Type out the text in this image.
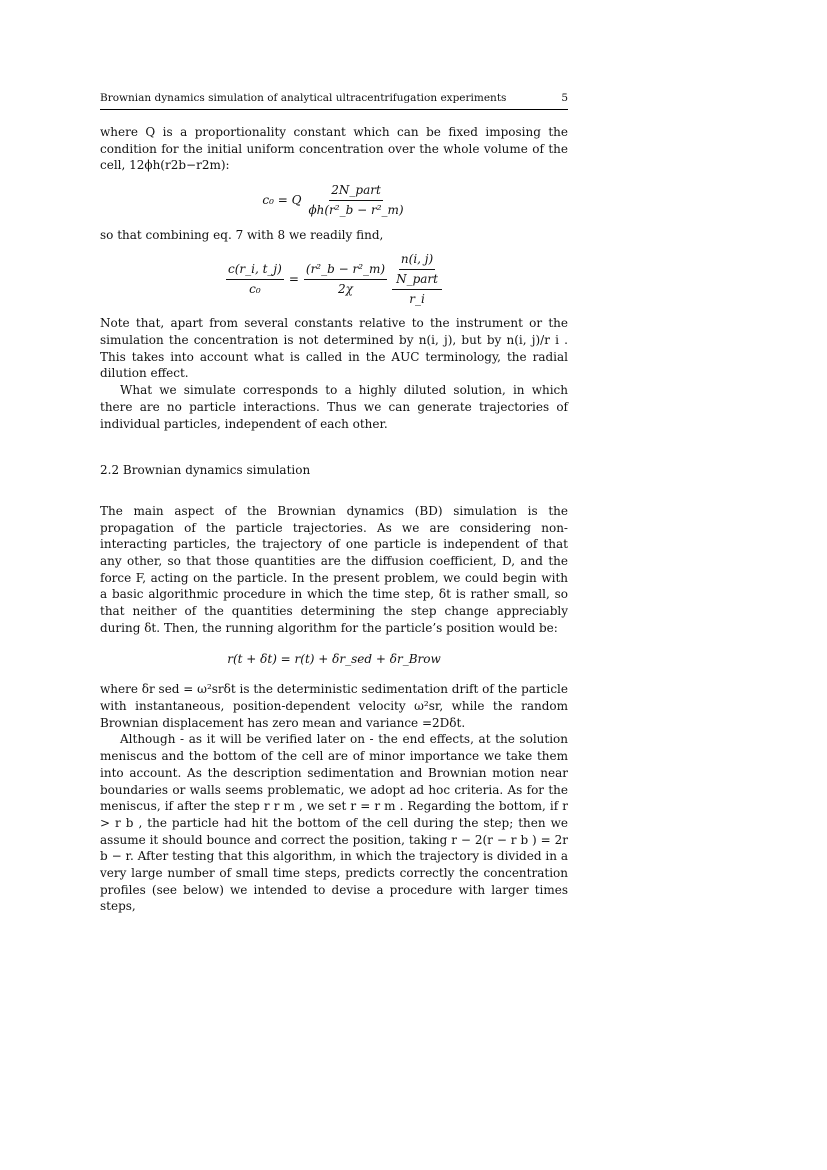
Brownian dynamics simulation of analytical ultracentrifugation experiments	5

where Q is a proportionality constant which can be fixed imposing the condition for the initial uniform concentration over the whole volume of the cell, 12ϕh(r2b−r2m):

c₀ = Q $\frac{\text{2N\_part}}{\text{ϕh(r²\_b − r²\_m)}}$

so that combining eq. 7 with 8 we readily find,

$\frac{c(r\_i, t\_j)}{\text{c₀}} = \frac{\text{(r²\_b − r²\_m)}}{2\chi} n(i$, j)
N_part
r_i

Note that, apart from several constants relative to the instrument or the simulation the concentration is not determined by n(i, j), but by n(i, j)/r i . This takes into account what is called in the AUC terminology, the radial dilution effect.

What we simulate corresponds to a highly diluted solution, in which there are no particle interactions. Thus we can generate trajectories of individual particles, independent of each other.

2.2 Brownian dynamics simulation

The main aspect of the Brownian dynamics (BD) simulation is the propagation of the particle trajectories. As we are considering non-interacting particles, the trajectory of one particle is independent of that any other, so that those quantities are the diffusion coefficient, D, and the force F, acting on the particle. In the present problem, we could begin with a basic algorithmic procedure in which the time step, δt is rather small, so that neither of the quantities determining the step change appreciably during δt. Then, the running algorithm for the particle’s position would be:

r(t + δt) = r(t) + δr_sed + δr_Brow

where δr sed = ω²srδt is the deterministic sedimentation drift of the particle with instantaneous, position-dependent velocity ω²sr, while the random Brownian displacement has zero mean and variance =2Dδt.

Although - as it will be verified later on - the end effects, at the solution meniscus and the bottom of the cell are of minor importance we take them into account. As the description sedimentation and Brownian motion near boundaries or walls seems problematic, we adopt ad hoc criteria. As for the meniscus, if after the step r r m , we set r = r m . Regarding the bottom, if r > r b , the particle had hit the bottom of the cell during the step; then we assume it should bounce and correct the position, taking r − 2(r − r b ) = 2r b − r. After testing that this algorithm, in which the trajectory is divided in a very large number of small time steps, predicts correctly the concentration profiles (see below) we intended to devise a procedure with larger times steps,
